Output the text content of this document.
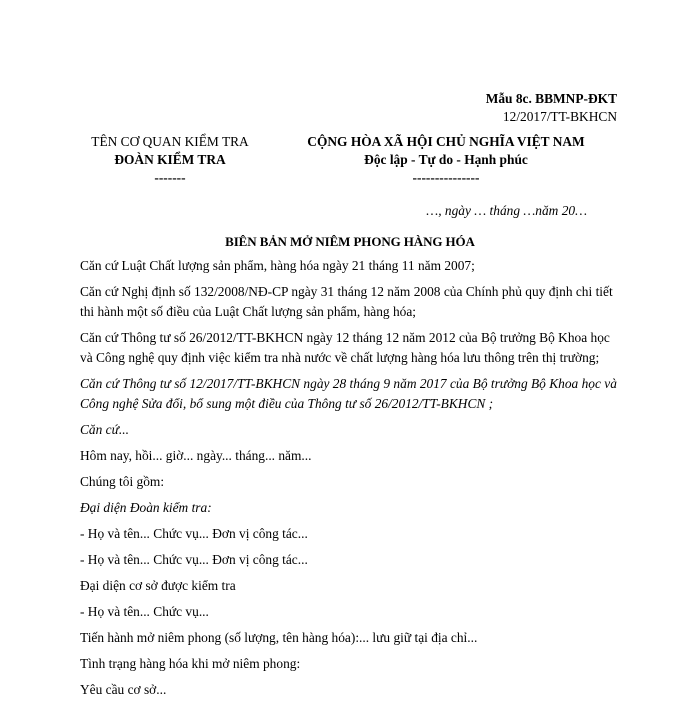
Mẫu 8c. BBMNP-ĐKT
12/2017/TT-BKHCN
TÊN CƠ QUAN KIỂM TRA
ĐOÀN KIỂM TRA
-------
CỘNG HÒA XÃ HỘI CHỦ NGHĨA VIỆT NAM
Độc lập - Tự do - Hạnh phúc
---------------
…, ngày … tháng …năm 20…
BIÊN BẢN MỞ NIÊM PHONG HÀNG HÓA

Căn cứ Luật Chất lượng sản phẩm, hàng hóa ngày 21 tháng 11 năm 2007;

Căn cứ Nghị định số 132/2008/NĐ-CP ngày 31 tháng 12 năm 2008 của Chính phủ quy định chi tiết thi hành một số điều của Luật Chất lượng sản phẩm, hàng hóa;

Căn cứ Thông tư số 26/2012/TT-BKHCN ngày 12 tháng 12 năm 2012 của Bộ trưởng Bộ Khoa học và Công nghệ quy định việc kiểm tra nhà nước về chất lượng hàng hóa lưu thông trên thị trường;

Căn cứ Thông tư số 12/2017/TT-BKHCN ngày 28 tháng 9 năm 2017 của Bộ trưởng Bộ Khoa học và Công nghệ Sửa đổi, bổ sung một điều của Thông tư số 26/2012/TT-BKHCN ;

Căn cứ...

Hôm nay, hồi... giờ... ngày... tháng... năm...

Chúng tôi gồm:

Đại diện Đoàn kiểm tra:

- Họ và tên... Chức vụ... Đơn vị công tác...

- Họ và tên... Chức vụ... Đơn vị công tác...

Đại diện cơ sở được kiểm tra

- Họ và tên... Chức vụ...

Tiến hành mở niêm phong (số lượng, tên hàng hóa):... lưu giữ tại địa chỉ...

Tình trạng hàng hóa khi mở niêm phong:

Yêu cầu cơ sở...
